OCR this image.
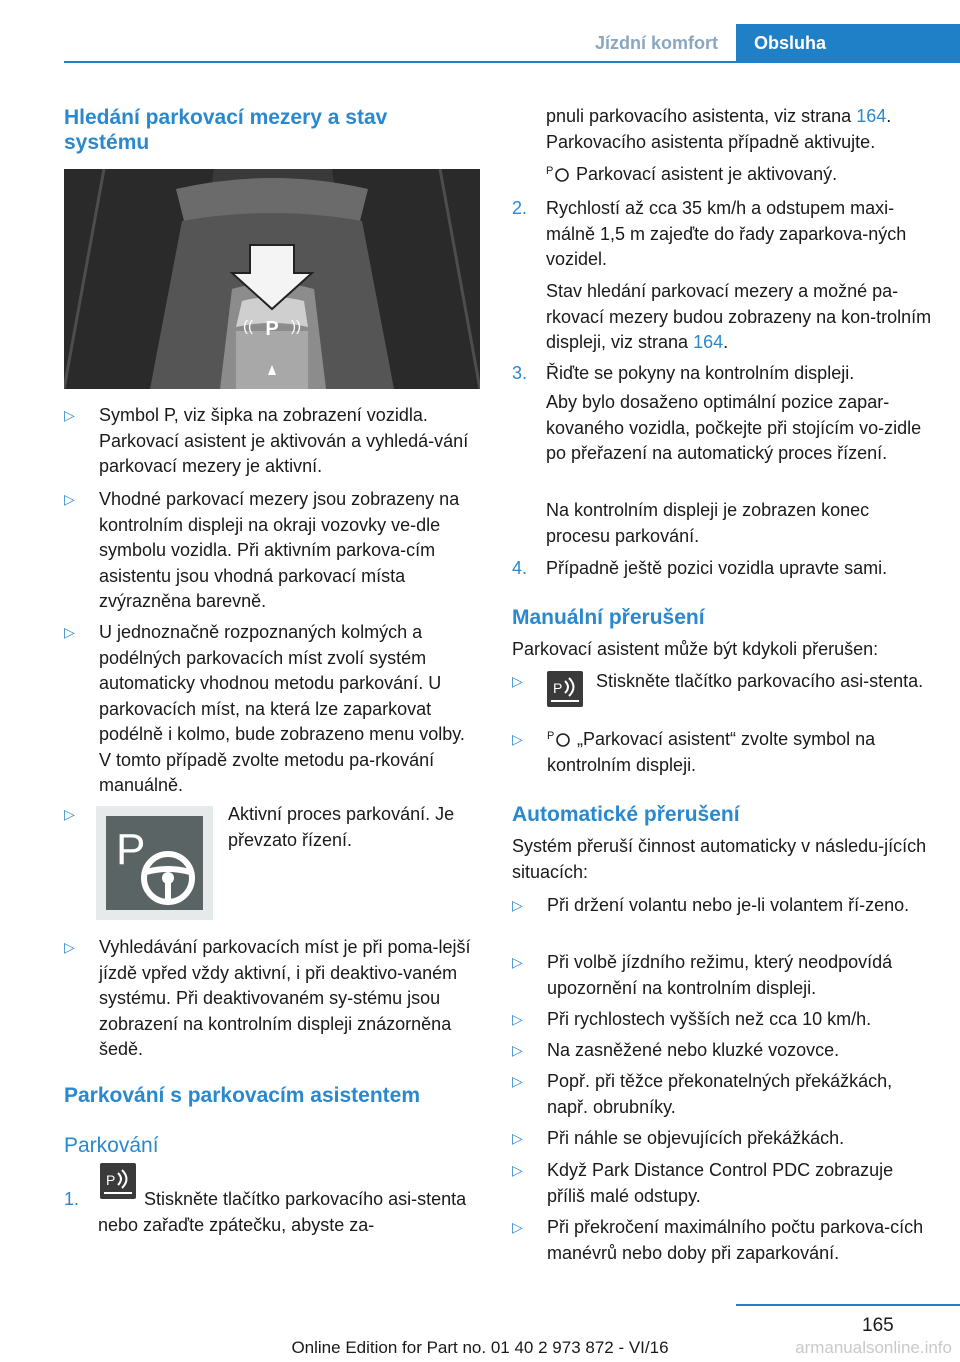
Jízdní komfort	Obsluha
Hledání parkovací mezery a stav systému
P
((	))
▷ Symbol P, viz šipka na zobrazení vozidla. Parkovací asistent je aktivován a vyhledá-vání parkovací mezery je aktivní.
▷ Vhodné parkovací mezery jsou zobrazeny na kontrolním displeji na okraji vozovky ve-dle symbolu vozidla. Při aktivním parkova-cím asistentu jsou vhodná parkovací místa zvýrazněna barevně.
▷ U jednoznačně rozpoznaných kolmých a podélných parkovacích míst zvolí systém automaticky vhodnou metodu parkování. U parkovacích míst, na která lze zaparkovat podélně i kolmo, bude zobrazeno menu volby. V tomto případě zvolte metodu pa-rkování manuálně.
▷	Aktivní proces parkování. Je převzato řízení.
P
▷ Vyhledávání parkovacích míst je při poma-lejší jízdě vpřed vždy aktivní, i při deaktivo-vaném systému. Při deaktivovaném sy-stému jsou zobrazení na kontrolním displeji znázorněna šedě.
Parkování s parkovacím asistentem
Parkování
1.	Stiskněte tlačítko parkovacího asi-stenta nebo zařaďte zpátečku, abyste za-
P
pnuli parkovacího asistenta, viz strana 164.
Parkovacího asistenta případně aktivujte.
P Parkovací asistent je aktivovaný.
2. Rychlostí až cca 35 km/h a odstupem maxi-málně 1,5 m zajeďte do řady zaparkova-ných vozidel.
Stav hledání parkovací mezery a možné pa-rkovací mezery budou zobrazeny na kon-trolním displeji, viz strana 164.
3. Řiďte se pokyny na kontrolním displeji.
Aby bylo dosaženo optimální pozice zapar-kovaného vozidla, počkejte při stojícím vo-zidle po přeřazení na automatický proces řízení.
Na kontrolním displeji je zobrazen konec procesu parkování.
4. Případně ještě pozici vozidla upravte sami.
Manuální přerušení
Parkovací asistent může být kdykoli přerušen:
▷ P Stiskněte tlačítko parkovacího asi-stenta.
▷ P „Parkovací asistent“ zvolte symbol na kontrolním displeji.
Automatické přerušení
Systém přeruší činnost automaticky v následu-jících situacích:
▷ Při držení volantu nebo je-li volantem ří-zeno.
▷ Při volbě jízdního režimu, který neodpovídá upozornění na kontrolním displeji.
▷ Při rychlostech vyšších než cca 10 km/h.
▷ Na zasněžené nebo kluzké vozovce.
▷ Popř. při těžce překonatelných překážkách, např. obrubníky.
▷ Při náhle se objevujících překážkách.
▷ Když Park Distance Control PDC zobrazuje příliš malé odstupy.
▷ Při překročení maximálního počtu parkova-cích manévrů nebo doby při zaparkování.
165
Online Edition for Part no. 01 40 2 973 872 - VI/16	armanualsonline.info
